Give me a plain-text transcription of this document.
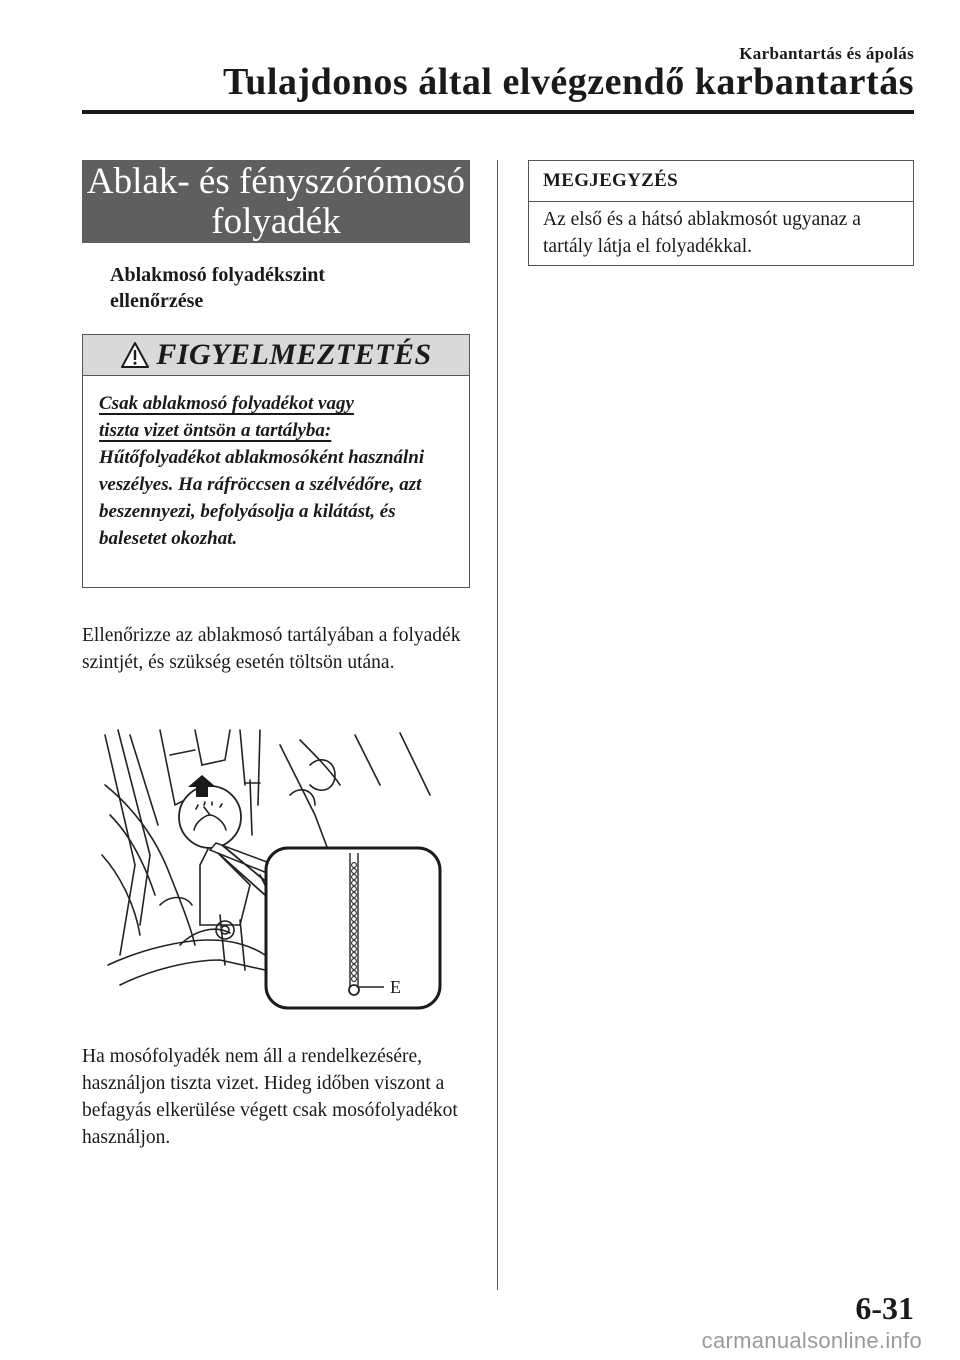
Karbantartás és ápolás
Tulajdonos által elvégzendő karbantartás
Ablak- és fényszórómosó
folyadék
Ablakmosó folyadékszint
ellenőrzése
FIGYELMEZTETÉS
Csak ablakmosó folyadékot vagy
tiszta vizet öntsön a tartályba:
Hűtőfolyadékot ablakmosóként használni veszélyes. Ha ráfröccsen a szélvédőre, azt beszennyezi, befolyásolja a kilátást, és balesetet okozhat.
Ellenőrizze az ablakmosó tartályában a folyadék szintjét, és szükség esetén töltsön utána.
E
Ha mosófolyadék nem áll a rendelkezésére, használjon tiszta vizet. Hideg időben viszont a befagyás elkerülése végett csak mosófolyadékot használjon.
MEGJEGYZÉS
Az első és a hátsó ablakmosót ugyanaz a tartály látja el folyadékkal.
6-31
carmanualsonline.info
